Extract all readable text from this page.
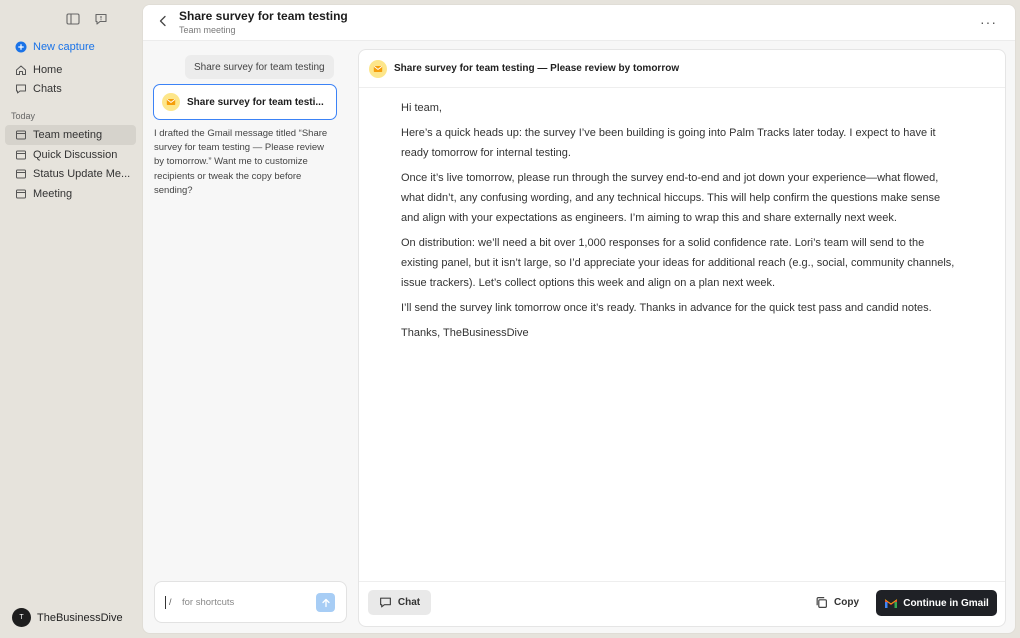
New capture
Home
Chats
Today
Team meeting
Quick Discussion
Status Update Me...
Meeting
T	TheBusinessDive
Share survey for team testing
Team meeting	···
Share survey for team testing
Share survey for team testi...
I drafted the Gmail message titled “Share survey for team testing — Please review by tomorrow.” Want me to customize recipients or tweak the copy before sending?
/ for shortcuts
Share survey for team testing — Please review by tomorrow

Hi team,

Here’s a quick heads up: the survey I’ve been building is going into Palm Tracks later today. I expect to have it ready tomorrow for internal testing.

Once it’s live tomorrow, please run through the survey end-to-end and jot down your experience—what flowed, what didn’t, any confusing wording, and any technical hiccups. This will help confirm the questions make sense and align with your expectations as engineers. I’m aiming to wrap this and share externally next week.

On distribution: we’ll need a bit over 1,000 responses for a solid confidence rate. Lori’s team will send to the existing panel, but it isn’t large, so I’d appreciate your ideas for additional reach (e.g., social, community channels, issue trackers). Let’s collect options this week and align on a plan next week.

I’ll send the survey link tomorrow once it’s ready. Thanks in advance for the quick test pass and candid notes.

Thanks, TheBusinessDive

Chat	Copy	Continue in Gmail
